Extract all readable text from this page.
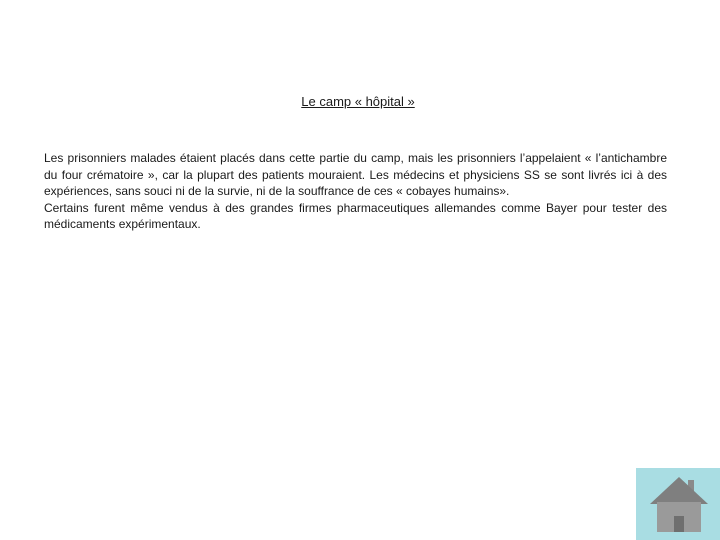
Le camp « hôpital »

Les prisonniers malades étaient placés dans cette partie du camp, mais les prisonniers l’appelaient « l’antichambre du four crématoire », car la plupart des patients mouraient. Les médecins et physiciens SS se sont livrés ici à des expériences, sans souci ni de la survie, ni de la souffrance de ces « cobayes humains».

Certains furent même vendus à des grandes firmes pharmaceutiques allemandes comme Bayer pour tester des médicaments expérimentaux.
